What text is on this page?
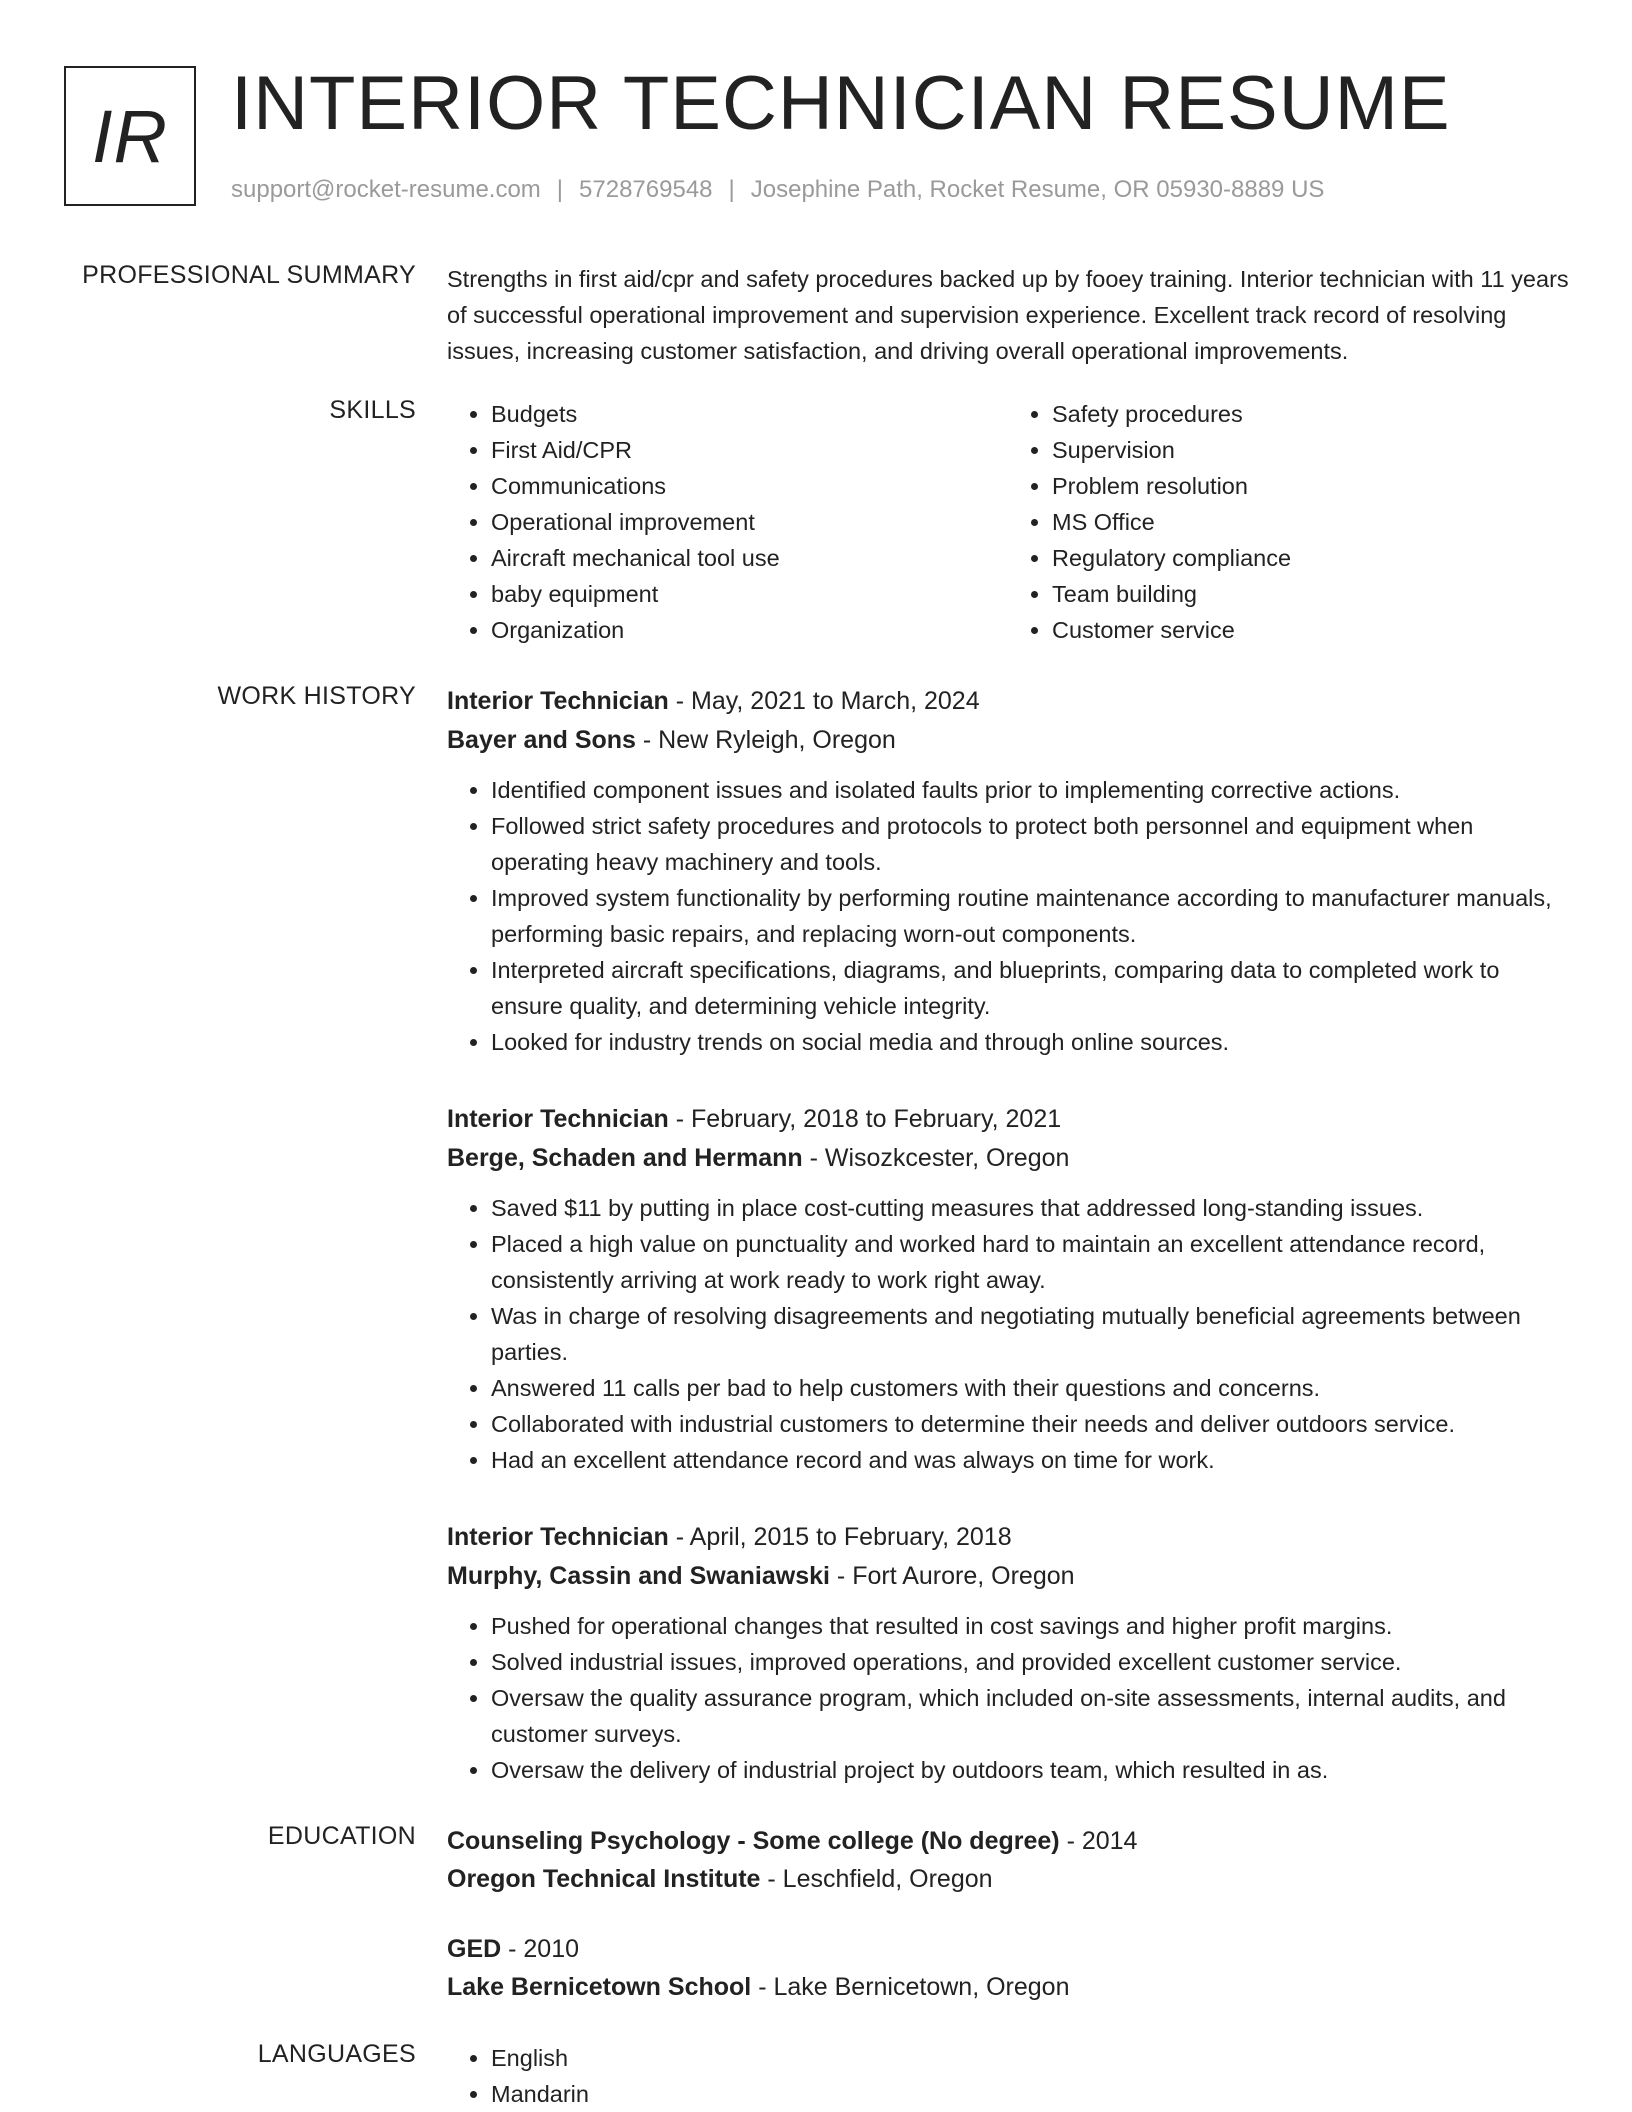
IR INTERIOR TECHNICIAN RESUME
support@rocket-resume.com | 5728769548 | Josephine Path, Rocket Resume, OR 05930-8889 US
PROFESSIONAL SUMMARY Strengths in first aid/cpr and safety procedures backed up by fooey training. Interior technician with 11 years of successful operational improvement and supervision experience. Excellent track record of resolving issues, increasing customer satisfaction, and driving overall operational improvements.

SKILLS	• Budgets
• First Aid/CPR
• Communications
• Operational improvement
• Aircraft mechanical tool use
• baby equipment
• Organization
• Safety procedures
• Supervision
• Problem resolution
• MS Office
• Regulatory compliance
• Team building
• Customer service
WORK HISTORY Interior Technician - May, 2021 to March, 2024
Bayer and Sons - New Ryleigh, Oregon
• Identified component issues and isolated faults prior to implementing corrective actions.
• Followed strict safety procedures and protocols to protect both personnel and equipment when operating heavy machinery and tools.
• Improved system functionality by performing routine maintenance according to manufacturer manuals, performing basic repairs, and replacing worn-out components.
• Interpreted aircraft specifications, diagrams, and blueprints, comparing data to completed work to ensure quality, and determining vehicle integrity.
• Looked for industry trends on social media and through online sources.
Interior Technician - February, 2018 to February, 2021
Berge, Schaden and Hermann - Wisozkcester, Oregon
• Saved $11 by putting in place cost-cutting measures that addressed long-standing issues.
• Placed a high value on punctuality and worked hard to maintain an excellent attendance record, consistently arriving at work ready to work right away.
• Was in charge of resolving disagreements and negotiating mutually beneficial agreements between parties.
• Answered 11 calls per bad to help customers with their questions and concerns.
• Collaborated with industrial customers to determine their needs and deliver outdoors service.
• Had an excellent attendance record and was always on time for work.
Interior Technician - April, 2015 to February, 2018
Murphy, Cassin and Swaniawski - Fort Aurore, Oregon
• Pushed for operational changes that resulted in cost savings and higher profit margins.
• Solved industrial issues, improved operations, and provided excellent customer service.
• Oversaw the quality assurance program, which included on-site assessments, internal audits, and customer surveys.
• Oversaw the delivery of industrial project by outdoors team, which resulted in as.
EDUCATION Counseling Psychology - Some college (No degree) - 2014
Oregon Technical Institute - Leschfield, Oregon
GED - 2010
Lake Bernicetown School - Lake Bernicetown, Oregon
LANGUAGES	• English
• Mandarin
